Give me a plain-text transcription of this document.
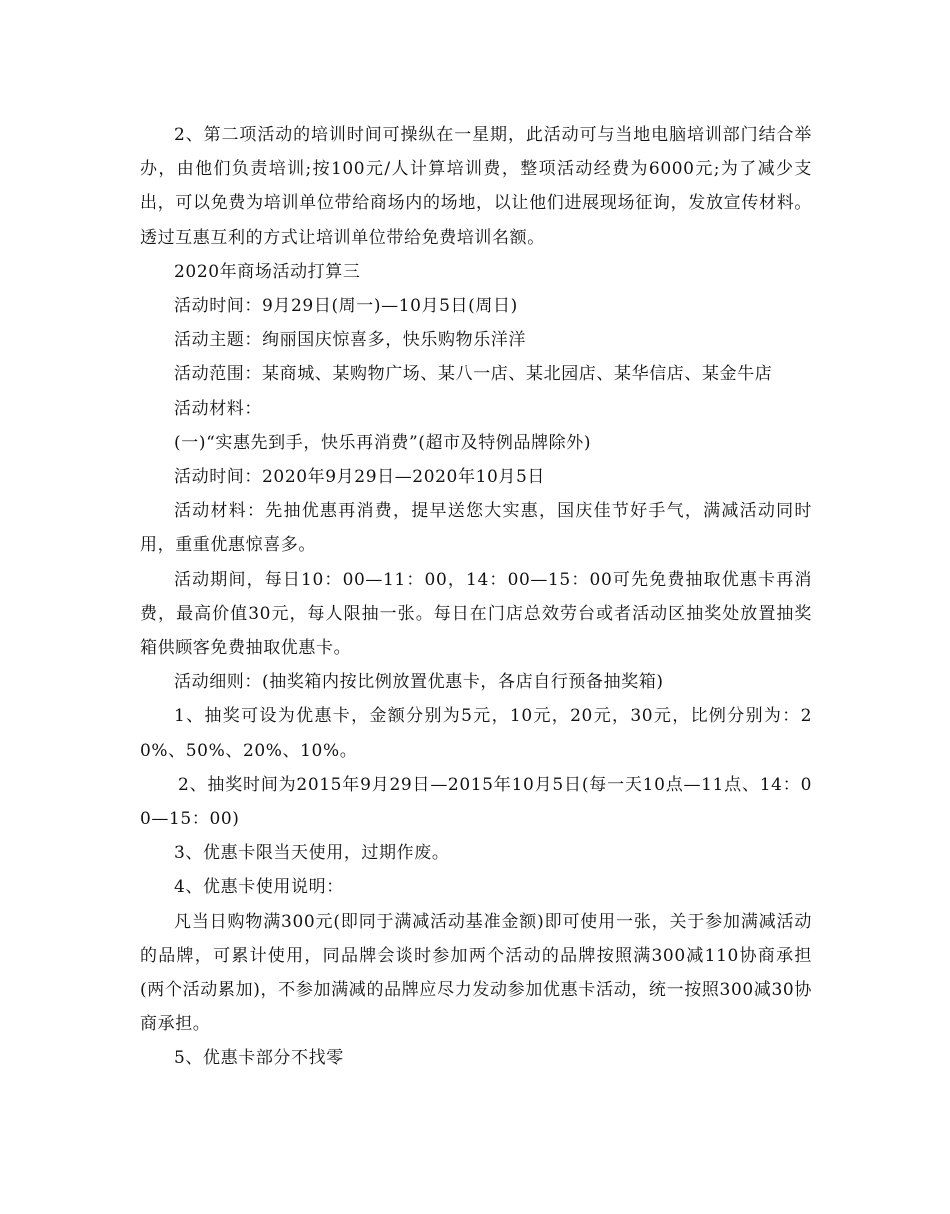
2、第二项活动的培训时间可操纵在一星期，此活动可与当地电脑培训部门结合举办，由他们负责培训;按100元/人计算培训费，整项活动经费为6000元;为了减少支出，可以免费为培训单位带给商场内的场地，以让他们进展现场征询，发放宣传材料。透过互惠互利的方式让培训单位带给免费培训名额。

2020年商场活动打算三

活动时间：9月29日(周一)—10月5日(周日)

活动主题：绚丽国庆惊喜多，快乐购物乐洋洋

活动范围：某商城、某购物广场、某八一店、某北园店、某华信店、某金牛店

活动材料：

(一)“实惠先到手，快乐再消费”(超市及特例品牌除外)

活动时间：2020年9月29日—2020年10月5日

活动材料：先抽优惠再消费，提早送您大实惠，国庆佳节好手气，满减活动同时用，重重优惠惊喜多。

活动期间，每日10：00—11：00，14：00—15：00可先免费抽取优惠卡再消费，最高价值30元，每人限抽一张。每日在门店总效劳台或者活动区抽奖处放置抽奖箱供顾客免费抽取优惠卡。

活动细则：(抽奖箱内按比例放置优惠卡，各店自行预备抽奖箱)

1、抽奖可设为优惠卡，金额分别为5元，10元，20元，30元，比例分别为：20%、50%、20%、10%。

2、抽奖时间为2015年9月29日—2015年10月5日(每一天10点—11点、14：00—15：00)

3、优惠卡限当天使用，过期作废。

4、优惠卡使用说明：

凡当日购物满300元(即同于满减活动基准金额)即可使用一张，关于参加满减活动的品牌，可累计使用，同品牌会谈时参加两个活动的品牌按照满300减110协商承担(两个活动累加)，不参加满减的品牌应尽力发动参加优惠卡活动，统一按照300减30协商承担。

5、优惠卡部分不找零
